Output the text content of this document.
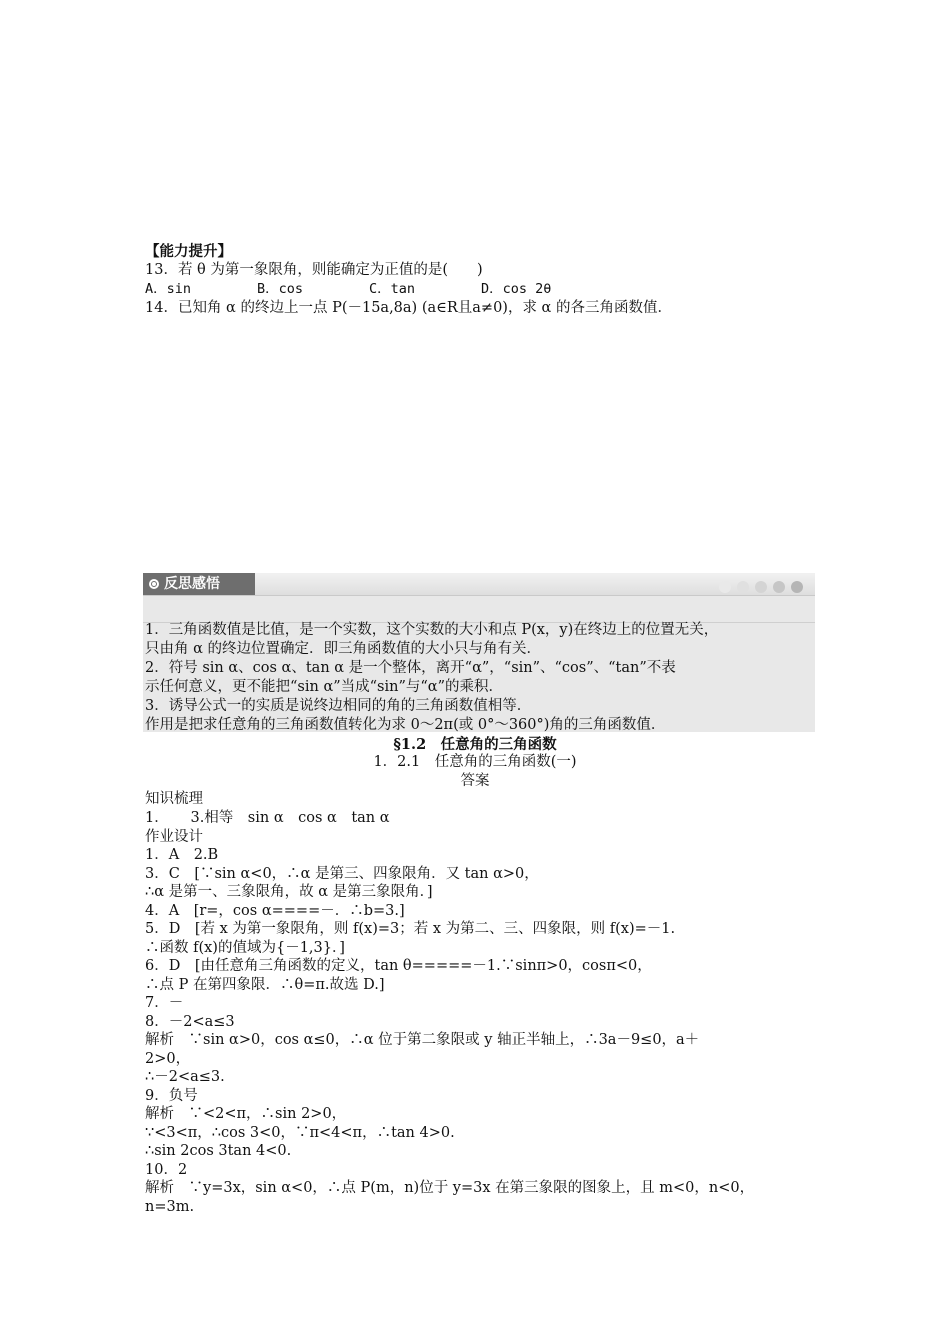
【能力提升】
13．若 θ 为第一象限角，则能确定为正值的是(　　)
A．sin	B．cos	C．tan	D．cos 2θ
14．已知角 α 的终边上一点 P(－15a,8a) (a∈R且a≠0)，求 α 的各三角函数值．
反思感悟
1．三角函数值是比值，是一个实数，这个实数的大小和点 P(x，y)在终边上的位置无关，
只由角 α 的终边位置确定．即三角函数值的大小只与角有关．
2．符号 sin α、cos α、tan α 是一个整体，离开“α”，“sin”、“cos”、“tan”不表
示任何意义，更不能把“sin α”当成“sin”与“α”的乘积．
3．诱导公式一的实质是说终边相同的角的三角函数值相等．
作用是把求任意角的三角函数值转化为求 0～2π(或 0°～360°)角的三角函数值．
§1.2　任意角的三角函数
1．2.1　任意角的三角函数(一)
答案
知识梳理
1．　　3.相等　sin α　cos α　tan α
作业设计
1．A　2.B
3．C　[∵sin α<0，∴α 是第三、四象限角．又 tan α>0，
∴α 是第一、三象限角，故 α 是第三象限角．]
4．A　[r=，cos α====－．∴b=3.]
5．D　[若 x 为第一象限角，则 f(x)=3；若 x 为第二、三、四象限，则 f(x)=－1.
∴函数 f(x)的值域为{－1,3}．]
6．D　[由任意角三角函数的定义，tan θ=====－1.∵sinπ>0，cosπ<0，
∴点 P 在第四象限．∴θ=π.故选 D.]
7．－
8．－2<a≤3
解析　∵sin α>0，cos α≤0，∴α 位于第二象限或 y 轴正半轴上，∴3a－9≤0，a＋
2>0，
∴－2<a≤3.
9．负号
解析　∵<2<π，∴sin 2>0，
∵<3<π，∴cos 3<0，∵π<4<π，∴tan 4>0.
∴sin 2cos 3tan 4<0.
10．2
解析　∵y=3x，sin α<0，∴点 P(m，n)位于 y=3x 在第三象限的图象上，且 m<0，n<0，
n=3m.
